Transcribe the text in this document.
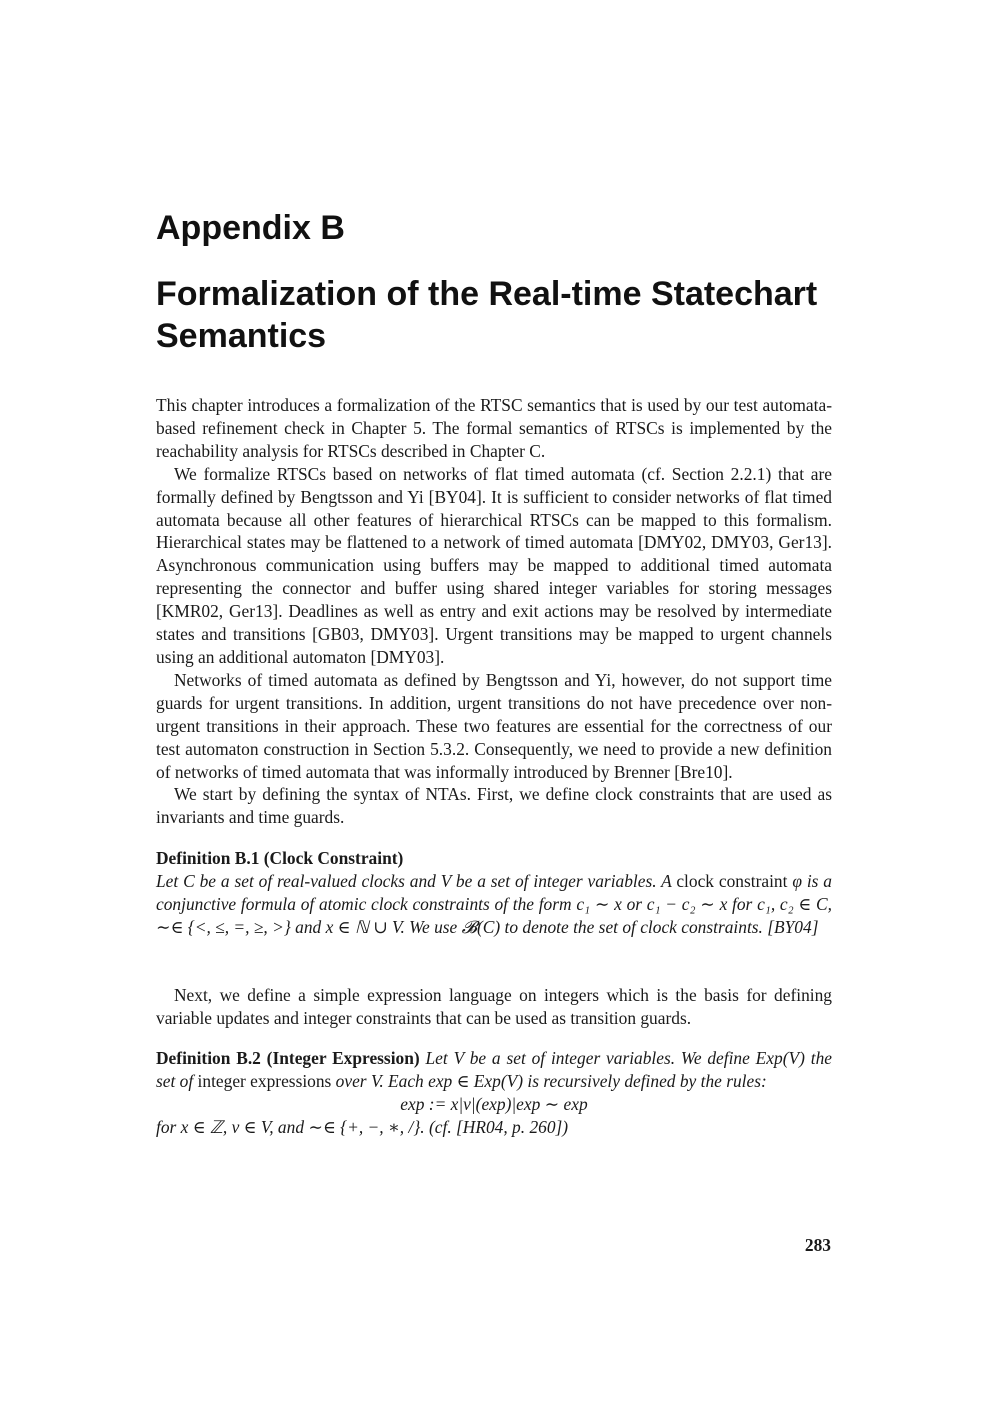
Appendix B
Formalization of the Real-time Statechart Semantics

This chapter introduces a formalization of the RTSC semantics that is used by our test automata-based refinement check in Chapter 5. The formal semantics of RTSCs is implemented by the reachability analysis for RTSCs described in Chapter C.

We formalize RTSCs based on networks of flat timed automata (cf. Section 2.2.1) that are formally defined by Bengtsson and Yi [BY04]. It is sufficient to consider networks of flat timed automata because all other features of hierarchical RTSCs can be mapped to this formalism. Hierarchical states may be flattened to a network of timed automata [DMY02, DMY03, Ger13]. Asynchronous communication using buffers may be mapped to additional timed automata representing the connector and buffer using shared integer variables for storing messages [KMR02, Ger13]. Deadlines as well as entry and exit actions may be resolved by intermediate states and transitions [GB03, DMY03]. Urgent transitions may be mapped to urgent channels using an additional automaton [DMY03].

Networks of timed automata as defined by Bengtsson and Yi, however, do not support time guards for urgent transitions. In addition, urgent transitions do not have precedence over non-urgent transitions in their approach. These two features are essential for the correctness of our test automaton construction in Section 5.3.2. Consequently, we need to provide a new definition of networks of timed automata that was informally introduced by Brenner [Bre10].

We start by defining the syntax of NTAs. First, we define clock constraints that are used as invariants and time guards.

Definition B.1 (Clock Constraint)

Let C be a set of real-valued clocks and V be a set of integer variables. A clock constraint φ is a conjunctive formula of atomic clock constraints of the form c₁ ∼ x or c₁ − c₂ ∼ x for c₁, c₂ ∈ C, ∼∈ {<, ≤, =, ≥, >} and x ∈ ℕ ∪ V. We use 𝓑(C) to denote the set of clock constraints. [BY04]

Next, we define a simple expression language on integers which is the basis for defining variable updates and integer constraints that can be used as transition guards.

Definition B.2 (Integer Expression) Let V be a set of integer variables. We define Exp(V) the set of integer expressions over V. Each exp ∈ Exp(V) is recursively defined by the rules:

exp := x|v|(exp)|exp ∼ exp

for x ∈ ℤ, v ∈ V, and ∼∈ {+, −, ∗, /}. (cf. [HR04, p. 260])

283
